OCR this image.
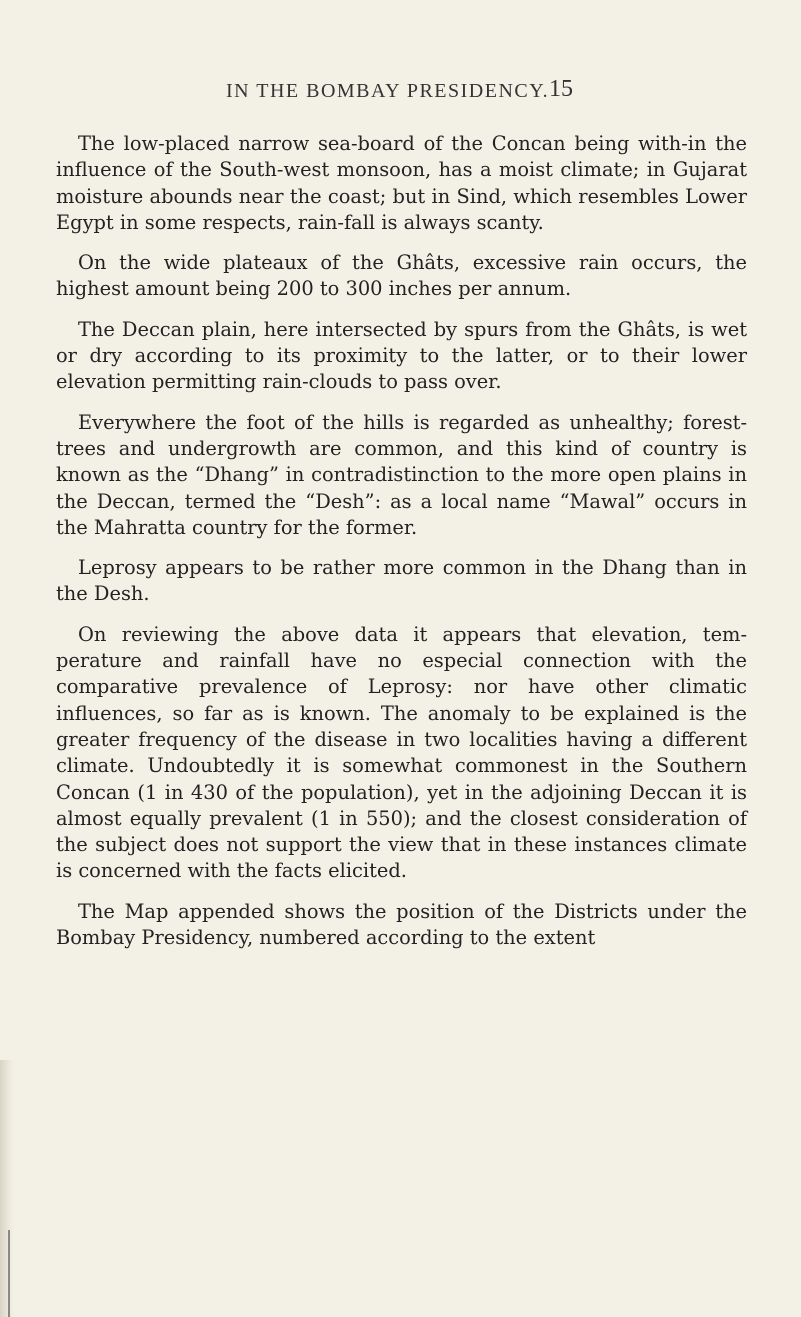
IN THE BOMBAY PRESIDENCY. 15

The low-placed narrow sea-board of the Concan being with-in the influence of the South-west monsoon, has a moist climate; in Gujarat moisture abounds near the coast; but in Sind, which resembles Lower Egypt in some respects, rain-fall is always scanty.

On the wide plateaux of the Ghâts, excessive rain occurs, the highest amount being 200 to 300 inches per annum.

The Deccan plain, here intersected by spurs from the Ghâts, is wet or dry according to its proximity to the latter, or to their lower elevation permitting rain-clouds to pass over.

Everywhere the foot of the hills is regarded as unhealthy; forest-trees and undergrowth are common, and this kind of country is known as the “Dhang” in contradistinction to the more open plains in the Deccan, termed the “Desh”: as a local name “Mawal” occurs in the Mahratta country for the former.

Leprosy appears to be rather more common in the Dhang than in the Desh.

On reviewing the above data it appears that elevation, tem-perature and rainfall have no especial connection with the comparative prevalence of Leprosy: nor have other climatic influences, so far as is known. The anomaly to be explained is the greater frequency of the disease in two localities having a different climate. Undoubtedly it is somewhat commonest in the Southern Concan (1 in 430 of the population), yet in the adjoining Deccan it is almost equally prevalent (1 in 550); and the closest consideration of the subject does not support the view that in these instances climate is concerned with the facts elicited.

The Map appended shows the position of the Districts under the Bombay Presidency, numbered according to the extent
